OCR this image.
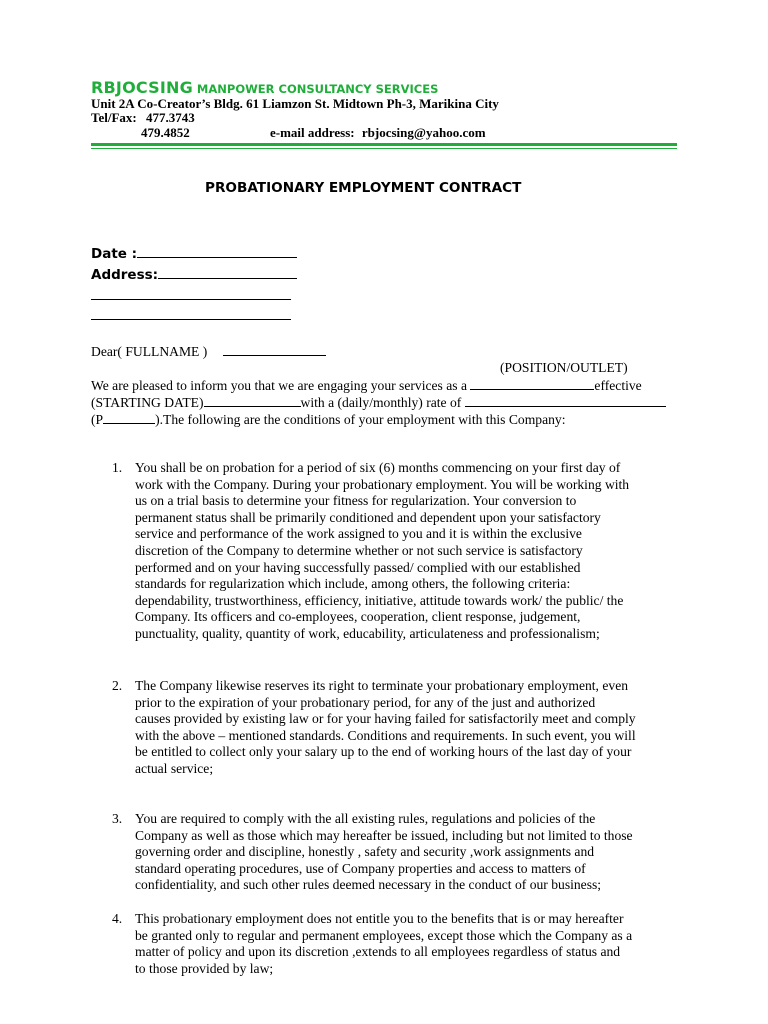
RBJOCSING MANPOWER CONSULTANCY SERVICES
Unit 2A Co-Creator’s Bldg. 61 Liamzon St. Midtown Ph-3, Marikina City
Tel/Fax: 477.3743
479.4852	e-mail address: rbjocsing@yahoo.com
PROBATIONARY EMPLOYMENT CONTRACT
Date :
Address:
Dear( FULLNAME )
(POSITION/OUTLET)
We are pleased to inform you that we are engaging your services as a	effective
(STARTING DATE)	with a (daily/monthly) rate of
(P	).The following are the conditions of your employment with this Company:
1. You shall be on probation for a period of six (6) months commencing on your first day of
work with the Company. During your probationary employment. You will be working with
us on a trial basis to determine your fitness for regularization. Your conversion to
permanent status shall be primarily conditioned and dependent upon your satisfactory
service and performance of the work assigned to you and it is within the exclusive
discretion of the Company to determine whether or not such service is satisfactory
performed and on your having successfully passed/ complied with our established
standards for regularization which include, among others, the following criteria:
dependability, trustworthiness, efficiency, initiative, attitude towards work/ the public/ the
Company. Its officers and co-employees, cooperation, client response, judgement,
punctuality, quality, quantity of work, educability, articulateness and professionalism;
2. The Company likewise reserves its right to terminate your probationary employment, even
prior to the expiration of your probationary period, for any of the just and authorized
causes provided by existing law or for your having failed for satisfactorily meet and comply
with the above – mentioned standards. Conditions and requirements. In such event, you will
be entitled to collect only your salary up to the end of working hours of the last day of your
actual service;
3. You are required to comply with the all existing rules, regulations and policies of the
Company as well as those which may hereafter be issued, including but not limited to those
governing order and discipline, honestly , safety and security ,work assignments and
standard operating procedures, use of Company properties and access to matters of
confidentiality, and such other rules deemed necessary in the conduct of our business;
4. This probationary employment does not entitle you to the benefits that is or may hereafter
be granted only to regular and permanent employees, except those which the Company as a
matter of policy and upon its discretion ,extends to all employees regardless of status and
to those provided by law;
